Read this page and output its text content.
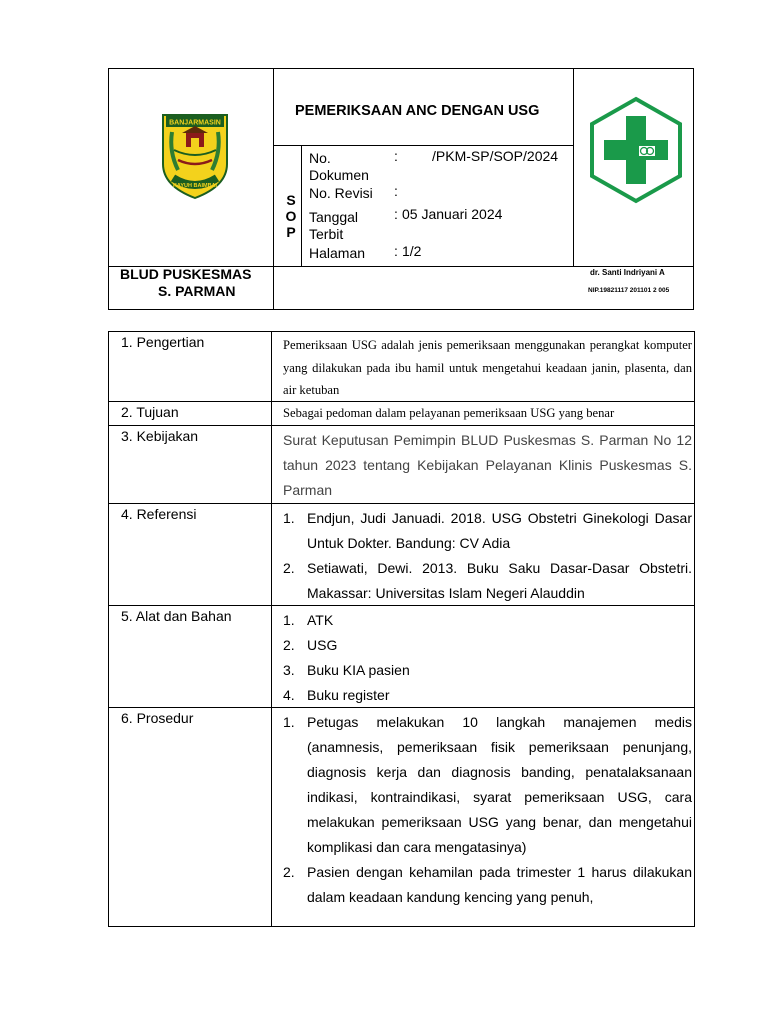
BANJARMASIN
KAYUH BAIMBAI
PEMERIKSAAN ANC DENGAN USG
S
O
P
No. Dokumen
: /PKM-SP/SOP/2024
No. Revisi :
Tanggal Terbit
: 05 Januari 2024
Halaman : 1/2
BLUD PUSKESMAS
S. PARMAN
dr. Santi Indriyani A
NIP.19821117 201101 2 005
1. Pengertian	Pemeriksaan USG adalah jenis pemeriksaan menggunakan perangkat komputer yang dilakukan pada ibu hamil untuk mengetahui keadaan janin, plasenta, dan air ketuban
2. Tujuan	Sebagai pedoman dalam pelayanan pemeriksaan USG yang benar
3. Kebijakan	Surat Keputusan Pemimpin BLUD Puskesmas S. Parman No 12 tahun 2023 tentang Kebijakan Pelayanan Klinis Puskesmas S. Parman
4. Referensi	1. Endjun, Judi Januadi. 2018. USG Obstetri Ginekologi Dasar Untuk Dokter. Bandung: CV Adia
2. Setiawati, Dewi. 2013. Buku Saku Dasar-Dasar Obstetri. Makassar: Universitas Islam Negeri Alauddin
5. Alat dan Bahan	1. ATK
2. USG
3. Buku KIA pasien
4. Buku register
6. Prosedur	1. Petugas melakukan 10 langkah manajemen medis (anamnesis, pemeriksaan fisik pemeriksaan penunjang, diagnosis kerja dan diagnosis banding, penatalaksanaan indikasi, kontraindikasi, syarat pemeriksaan USG, cara melakukan pemeriksaan USG yang benar, dan mengetahui komplikasi dan cara mengatasinya)
2. Pasien dengan kehamilan pada trimester 1 harus dilakukan dalam keadaan kandung kencing yang penuh,
